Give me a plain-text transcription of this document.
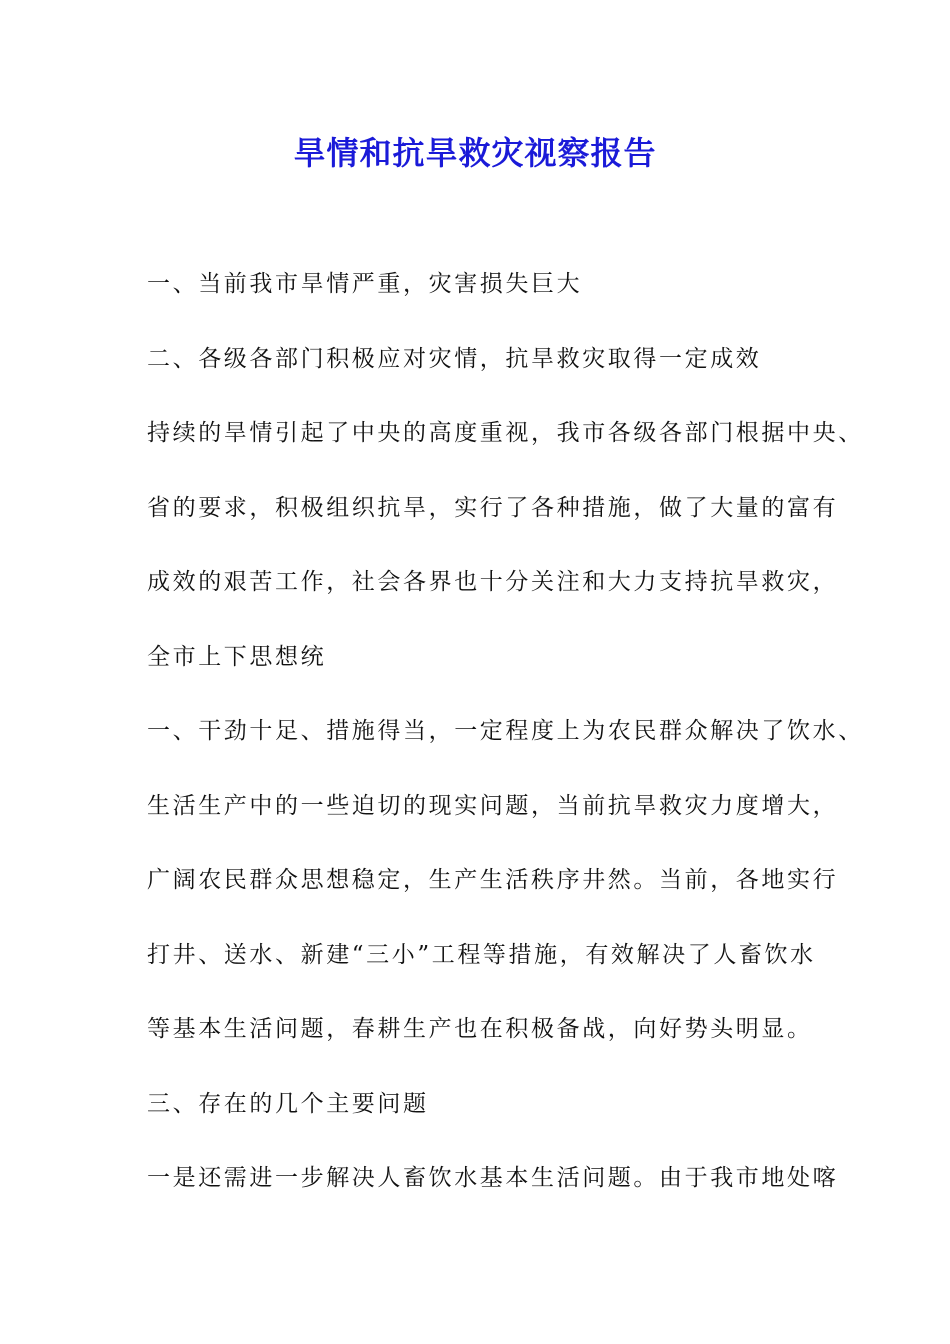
旱情和抗旱救灾视察报告
一、当前我市旱情严重，灾害损失巨大
二、各级各部门积极应对灾情，抗旱救灾取得一定成效
持续的旱情引起了中央的高度重视，我市各级各部门根据中央、
省的要求，积极组织抗旱，实行了各种措施，做了大量的富有
成效的艰苦工作，社会各界也十分关注和大力支持抗旱救灾，
全市上下思想统
一、干劲十足、措施得当，一定程度上为农民群众解决了饮水、
生活生产中的一些迫切的现实问题，当前抗旱救灾力度增大，
广阔农民群众思想稳定，生产生活秩序井然。当前，各地实行
打井、送水、新建“三小”工程等措施，有效解决了人畜饮水
等基本生活问题，春耕生产也在积极备战，向好势头明显。
三、存在的几个主要问题
一是还需进一步解决人畜饮水基本生活问题。由于我市地处喀
